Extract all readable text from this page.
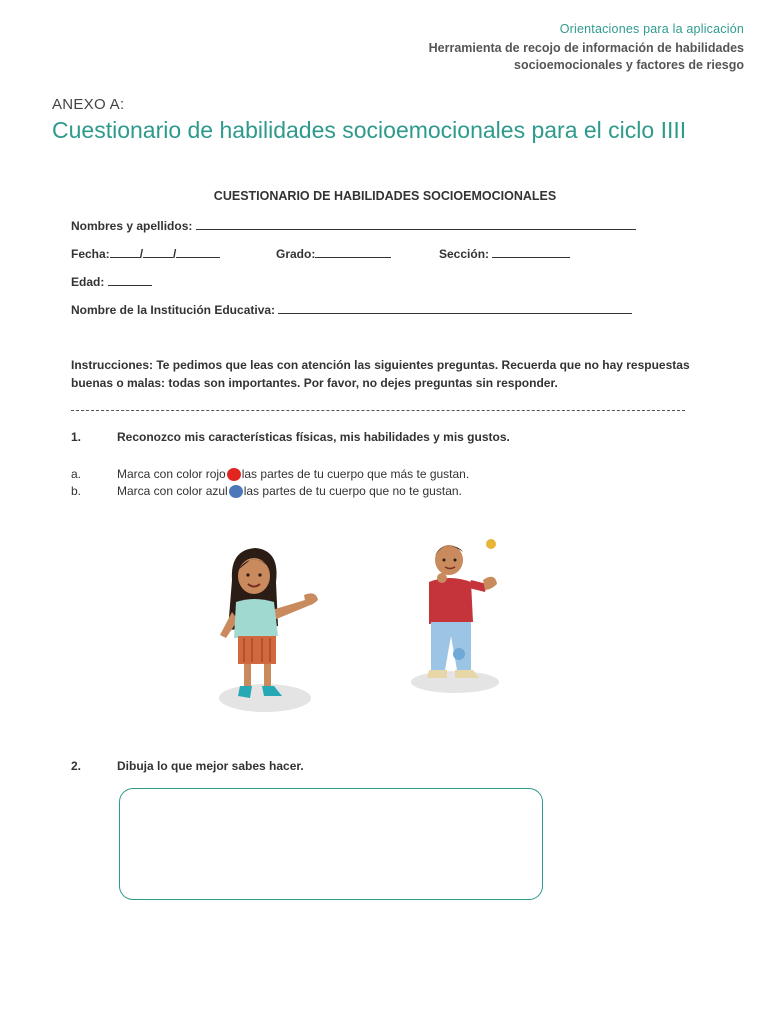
Orientaciones para la aplicación
Herramienta de recojo de información de habilidades
socioemocionales y factores de riesgo
ANEXO A:
Cuestionario de habilidades socioemocionales para el ciclo IIII
CUESTIONARIO DE HABILIDADES SOCIOEMOCIONALES
Nombres y apellidos:
Fecha:	/	/	Grado:	Sección:
Edad:
Nombre de la Institución Educativa:
Instrucciones: Te pedimos que leas con atención las siguientes preguntas. Recuerda que no hay respuestas buenas o malas: todas son importantes. Por favor, no dejes preguntas sin responder.
1.	Reconozco mis características físicas, mis habilidades y mis gustos.
a.	Marca con color rojo las partes de tu cuerpo que más te gustan.
b.	Marca con color azul las partes de tu cuerpo que no te gustan.
2.	Dibuja lo que mejor sabes hacer.
